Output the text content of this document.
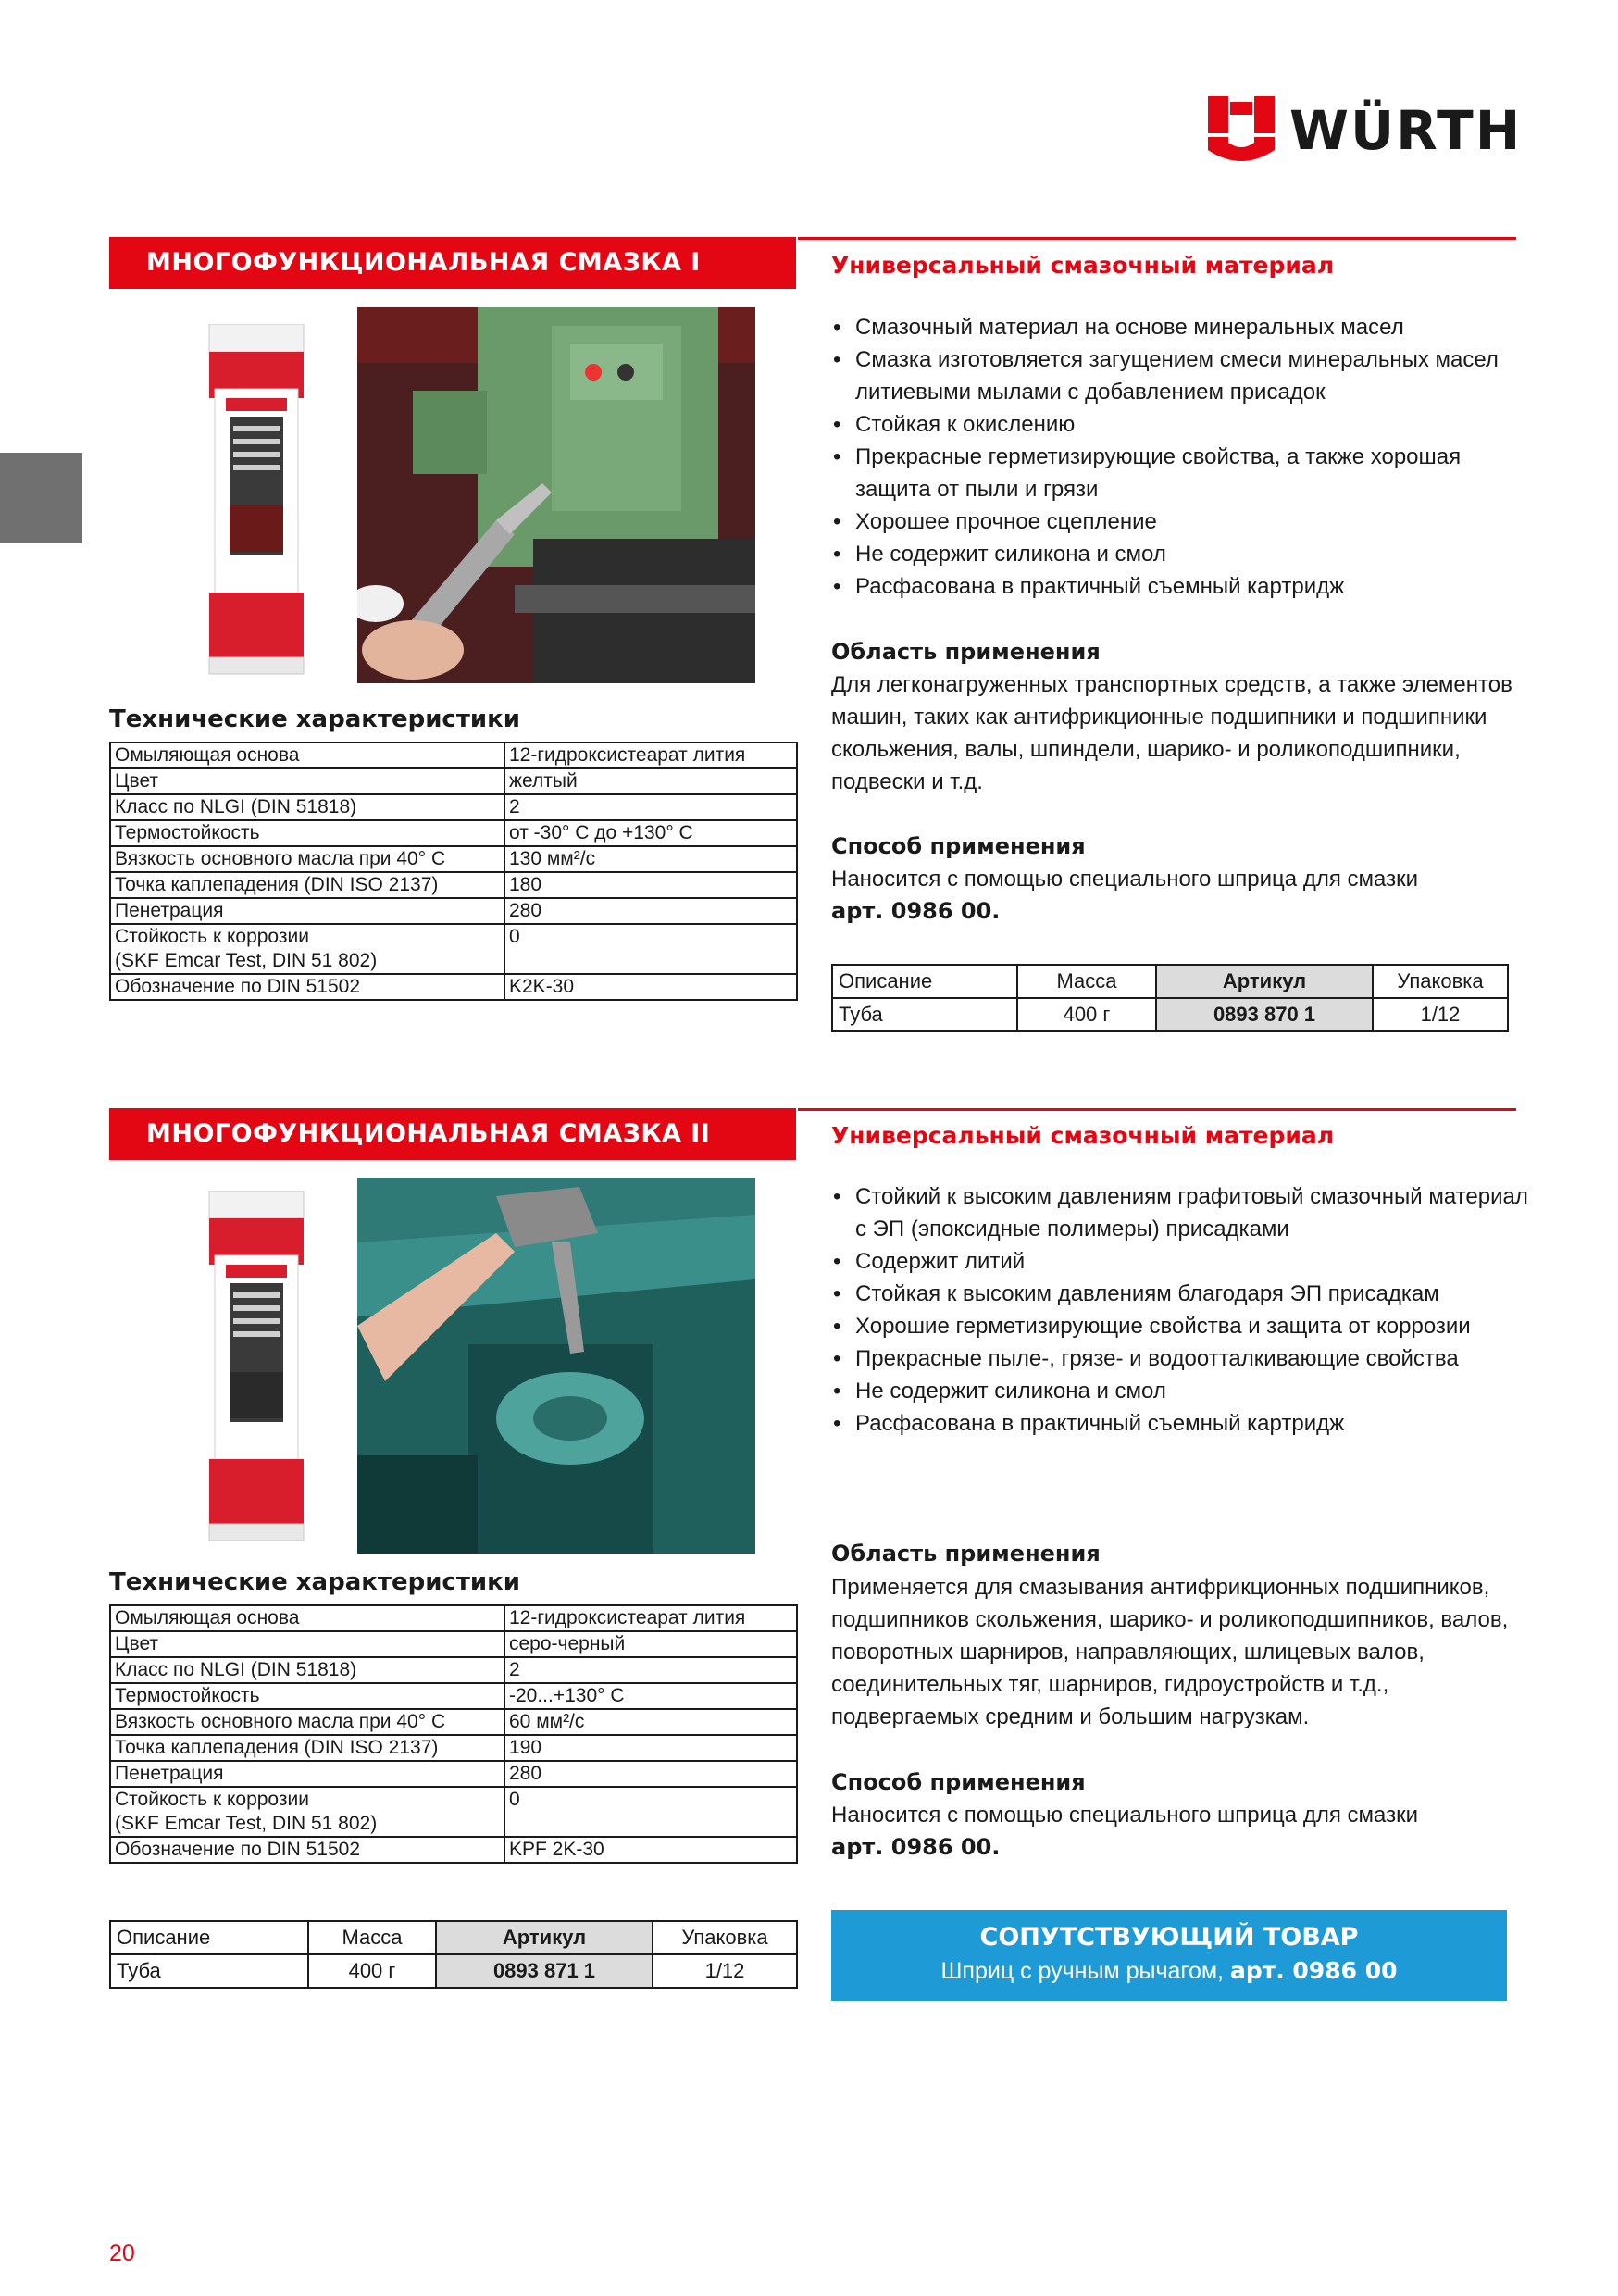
WÜRTH
МНОГОФУНКЦИОНАЛЬНАЯ СМАЗКА I	Универсальный смазочный материал
Технические характеристики
Омыляющая основа	12-гидроксистеарат лития
Цвет	желтый
Класс по NLGI (DIN 51818)	2
Термостойкость	от -30° С до +130° С
Вязкость основного масла при 40° С	130 мм²/с
Точка каплепадения (DIN ISO 2137)	180
Пенетрация	280
Стойкость к коррозии
(SKF Emcar Test, DIN 51 802)	0
Обозначение по DIN 51502	K2K-30
• Смазочный материал на основе минеральных масел
• Смазка изготовляется загущением смеси минеральных масел литиевыми мылами с добавлением присадок
• Стойкая к окислению
• Прекрасные герметизирующие свойства, а также хорошая защита от пыли и грязи
• Хорошее прочное сцепление
• Не содержит силикона и смол
• Расфасована в практичный съемный картридж
Область применения
Для легконагруженных транспортных средств, а также элементов машин, таких как антифрикционные подшипники и подшипники скольжения, валы, шпиндели, шарико- и роликоподшипники, подвески и т.д.
Способ применения
Наносится с помощью специального шприца для смазки
арт. 0986 00.
Описание	Масса	Артикул	Упаковка
Туба	400 г	0893 870 1	1/12
МНОГОФУНКЦИОНАЛЬНАЯ СМАЗКА II	Универсальный смазочный материал
Технические характеристики
Омыляющая основа	12-гидроксистеарат лития
Цвет	серо-черный
Класс по NLGI (DIN 51818)	2
Термостойкость	-20...+130° С
Вязкость основного масла при 40° С	60 мм²/с
Точка каплепадения (DIN ISO 2137)	190
Пенетрация	280
Стойкость к коррозии
(SKF Emcar Test, DIN 51 802)	0
Обозначение по DIN 51502	KPF 2K-30
Описание	Масса	Артикул	Упаковка
Туба	400 г	0893 871 1	1/12
• Стойкий к высоким давлениям графитовый смазочный материал с ЭП (эпоксидные полимеры) присадками
• Содержит литий
• Стойкая к высоким давлениям благодаря ЭП присадкам
• Хорошие герметизирующие свойства и защита от коррозии
• Прекрасные пыле-, грязе- и водоотталкивающие свойства
• Не содержит силикона и смол
• Расфасована в практичный съемный картридж
Область применения
Применяется для смазывания антифрикционных подшипников, подшипников скольжения, шарико- и роликоподшипников, валов, поворотных шарниров, направляющих, шлицевых валов, соединительных тяг, шарниров, гидроустройств и т.д., подвергаемых средним и большим нагрузкам.
Способ применения
Наносится с помощью специального шприца для смазки
арт. 0986 00.
СОПУТСТВУЮЩИЙ ТОВАР
Шприц с ручным рычагом, арт. 0986 00
20
